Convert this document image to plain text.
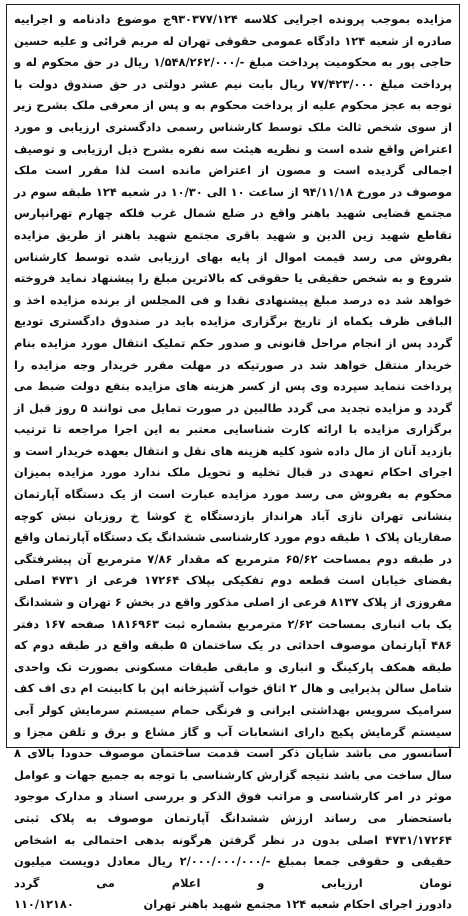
مزایده بموجب پرونده اجرایی کلاسه ۹۳۰۳۷۷/۱۲۴ج موضوع دادنامه و اجراییه صادره از شعبه ۱۲۴ دادگاه عمومی حقوقی تهران له مریم قرائی و علیه حسین حاجی پور به محکومیت پرداخت مبلغ -/۱/۵۴۸/۲۶۲/۰۰۰ ریال در حق محکوم له و پرداخت مبلغ ۷۷/۴۲۳/۰۰۰ ریال بابت نیم عشر دولتی در حق صندوق دولت با توجه به عجز محکوم علیه از پرداخت محکوم به و پس از معرفی ملک بشرح زیر از سوی شخص ثالث ملک توسط کارشناس رسمی دادگستری ارزیابی و مورد اعتراض واقع شده است و نظریه هیئت سه نفره بشرح ذیل ارزیابی و توصیف اجمالی گردیده است و مصون از اعتراض مانده است لذا مقرر است ملک موصوف در مورخ ۹۴/۱۱/۱۸ از ساعت ۱۰ الی ۱۰/۳۰ در شعبه ۱۲۴ طبقه سوم در مجتمع قضایی شهید باهنر واقع در ضلع شمال غرب فلکه چهارم تهرانپارس تقاطع شهید زین الدین و شهید باقری مجتمع شهید باهنر از طریق مزایده بفروش می رسد قیمت اموال از پایه بهای ارزیابی شده توسط کارشناس شروع و به شخص حقیقی یا حقوقی که بالاترین مبلغ را پیشنهاد نماید فروخته خواهد شد ده درصد مبلغ پیشنهادی نقدا و فی المجلس از برنده مزایده اخذ و الباقی ظرف یکماه از تاریخ برگزاری مزایده باید در صندوق دادگستری تودیع گردد پس از انجام مراحل قانونی و صدور حکم تملیک انتقال مورد مزایده بنام خریدار منتقل خواهد شد در صورتیکه در مهلت مقرر خریدار وجه مزایده را پرداخت ننماید سپرده وی پس از کسر هزینه های مزایده بنفع دولت ضبط می گردد و مزایده تجدید می گردد طالبین در صورت تمایل می توانند ۵ روز قبل از برگزاری مزایده با ارائه کارت شناسایی معتبر به این اجرا مراجعه تا ترتیب بازدید آنان از مال داده شود کلیه هزینه های نقل و انتقال بعهده خریدار است و اجرای احکام تعهدی در قبال تخلیه و تحویل ملک ندارد مورد مزایده بمیزان محکوم به بفروش می رسد مورد مزایده عبارت است از یک دستگاه آپارتمان بنشانی تهران نازی آباد هرانداز بازدستگاه خ کوشا خ روزبان نبش کوچه صفاریان پلاک ۱ طبقه دوم مورد کارشناسی ششدانگ یک دستگاه آپارتمان واقع در طبقه دوم بمساحت ۶۵/۶۲ مترمربع که مقدار ۷/۸۶ مترمربع آن پیشرفتگی بفضای خیابان است قطعه دوم تفکیکی بپلاک ۱۷۲۶۴ فرعی از ۴۷۳۱ اصلی مفروزی از پلاک ۸۱۳۷ فرعی از اصلی مذکور واقع در بخش ۶ تهران و ششدانگ یک باب انباری بمساحت ۲/۶۲ مترمربع بشماره ثبت ۱۸۱۶۹۶۳ صفحه ۱۶۷ دفتر ۴۸۶ آپارتمان موصوف احداثی در یک ساختمان ۵ طبقه واقع در طبقه دوم که طبقه همکف پارکینگ و انباری و مابقی طبقات مسکونی بصورت تک واحدی شامل سالن پذیرایی و هال ۲ اتاق خواب آشپزخانه اپن با کابینت ام دی اف کف سرامیک سرویس بهداشتی ایرانی و فرنگی حمام سیستم سرمایش کولر آبی سیستم گرمایش پکیج دارای انشعابات آب و گاز مشاع و برق و تلفن مجزا و آسانسور می باشد شایان ذکر است قدمت ساختمان موصوف حدودا بالای ۸ سال ساخت می باشد نتیجه گزارش کارشناسی با توجه به جمیع جهات و عوامل موثر در امر کارشناسی و مراتب فوق الذکر و بررسی اسناد و مدارک موجود باستحضار می رساند ارزش ششدانگ آپارتمان موصوف به پلاک ثبتی ۴۷۳۱/۱۷۲۶۴ اصلی بدون در نظر گرفتن هرگونه بدهی احتمالی به اشخاص حقیقی و حقوقی جمعا بمبلغ -/۲/۰۰۰/۰۰۰/۰۰۰ ریال معادل دویست میلیون تومان ارزیابی و اعلام می گردد

دادورز اجرای احکام شعبه ۱۲۴ مجتمع شهید باهنر تهران
۱۱۰/۱۲۱۸۰
